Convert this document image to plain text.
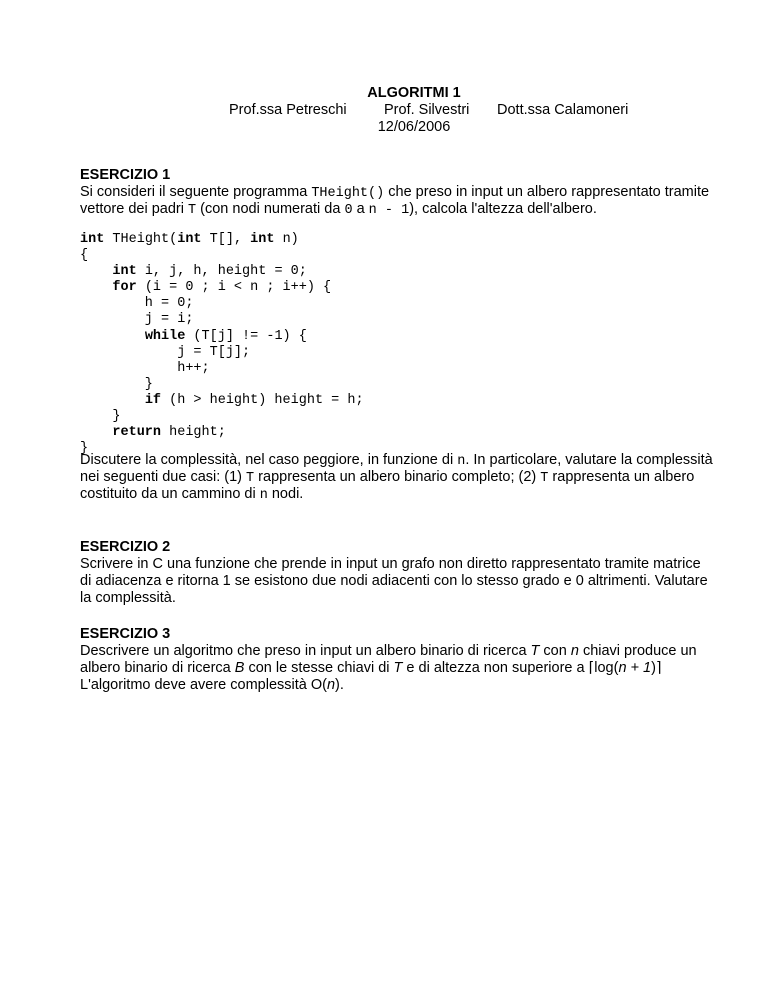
ALGORITMI 1
Prof.ssa Petreschi	Prof. Silvestri Dott.ssa Calamoneri
12/06/2006
ESERCIZIO 1
Si consideri il seguente programma THeight() che preso in input un albero rappresentato tramite
vettore dei padri T (con nodi numerati da 0 a n - 1), calcola l'altezza dell'albero.
int THeight(int T[], int n)
{
int i, j, h, height = 0;
for (i = 0 ; i < n ; i++) {
h = 0;
j = i;
while (T[j] != -1) {
j = T[j];
h++;
}
if (h > height) height = h;
}
return height;
}
Discutere la complessità, nel caso peggiore, in funzione di n. In particolare, valutare la complessità
nei seguenti due casi: (1) T rappresenta un albero binario completo; (2) T rappresenta un albero
costituito da un cammino di n nodi.
ESERCIZIO 2
Scrivere in C una funzione che prende in input un grafo non diretto rappresentato tramite matrice
di adiacenza e ritorna 1 se esistono due nodi adiacenti con lo stesso grado e 0 altrimenti. Valutare
la complessità.
ESERCIZIO 3
Descrivere un algoritmo che preso in input un albero binario di ricerca T con n chiavi produce un
albero binario di ricerca B con le stesse chiavi di T e di altezza non superiore a ⌈log(n + 1)⌉
L'algoritmo deve avere complessità O(n).
